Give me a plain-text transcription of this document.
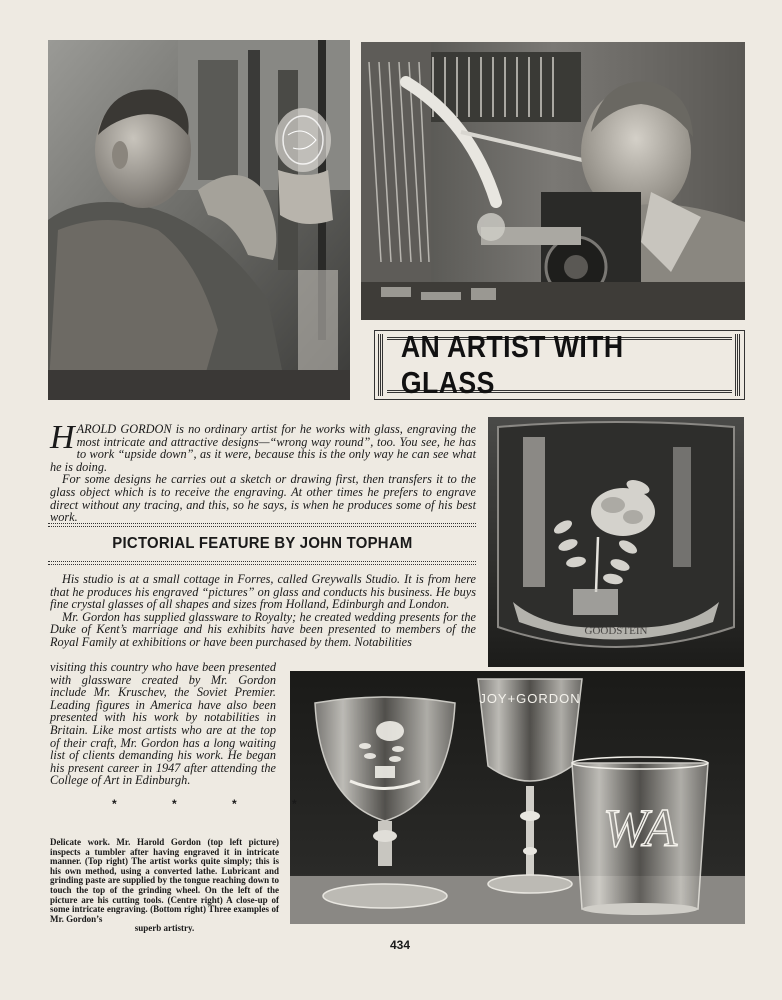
AN ARTIST WITH GLASS

HAROLD GORDON is no ordinary artist for he works with glass, engraving the most intricate and attractive designs—“wrong way round”, too. You see, he has to work “upside down”, as it were, because this is the only way he can see what he is doing.

For some designs he carries out a sketch or drawing first, then transfers it to the glass object which is to receive the engraving. At other times he prefers to engrave direct without any tracing, and this, so he says, is when he produces some of his best work.

PICTORIAL FEATURE BY JOHN TOPHAM

His studio is at a small cottage in Forres, called Greywalls Studio. It is from here that he produces his engraved “pictures” on glass and conducts his business. He buys fine crystal glasses of all shapes and sizes from Holland, Edinburgh and London.

Mr. Gordon has supplied glassware to Royalty; he created wedding presents for the Duke of Kent’s marriage and his exhibits have been presented to members of the Royal Family at exhibitions or have been purchased by them. Notabilities

visiting this country who have been presented with glassware created by Mr. Gordon include Mr. Kruschev, the Soviet Premier. Leading figures in America have also been presented with his work by notabilities in Britain. Like most artists who are at the top of their craft, Mr. Gordon has a long waiting list of clients demanding his work. He began his present career in 1947 after attending the College of Art in Edinburgh.

GOODSTEIN
JOY+GORDON
WA
* * * *
Delicate work. Mr. Harold Gordon (top left picture) inspects a tumbler after having engraved it in intricate manner. (Top right) The artist works quite simply; this is his own method, using a converted lathe. Lubricant and grinding paste are supplied by the tongue reaching down to touch the top of the grinding wheel. On the left of the picture are his cutting tools. (Centre right) A close-up of some intricate engraving. (Bottom right) Three examples of Mr. Gordon’s
superb artistry.
434
